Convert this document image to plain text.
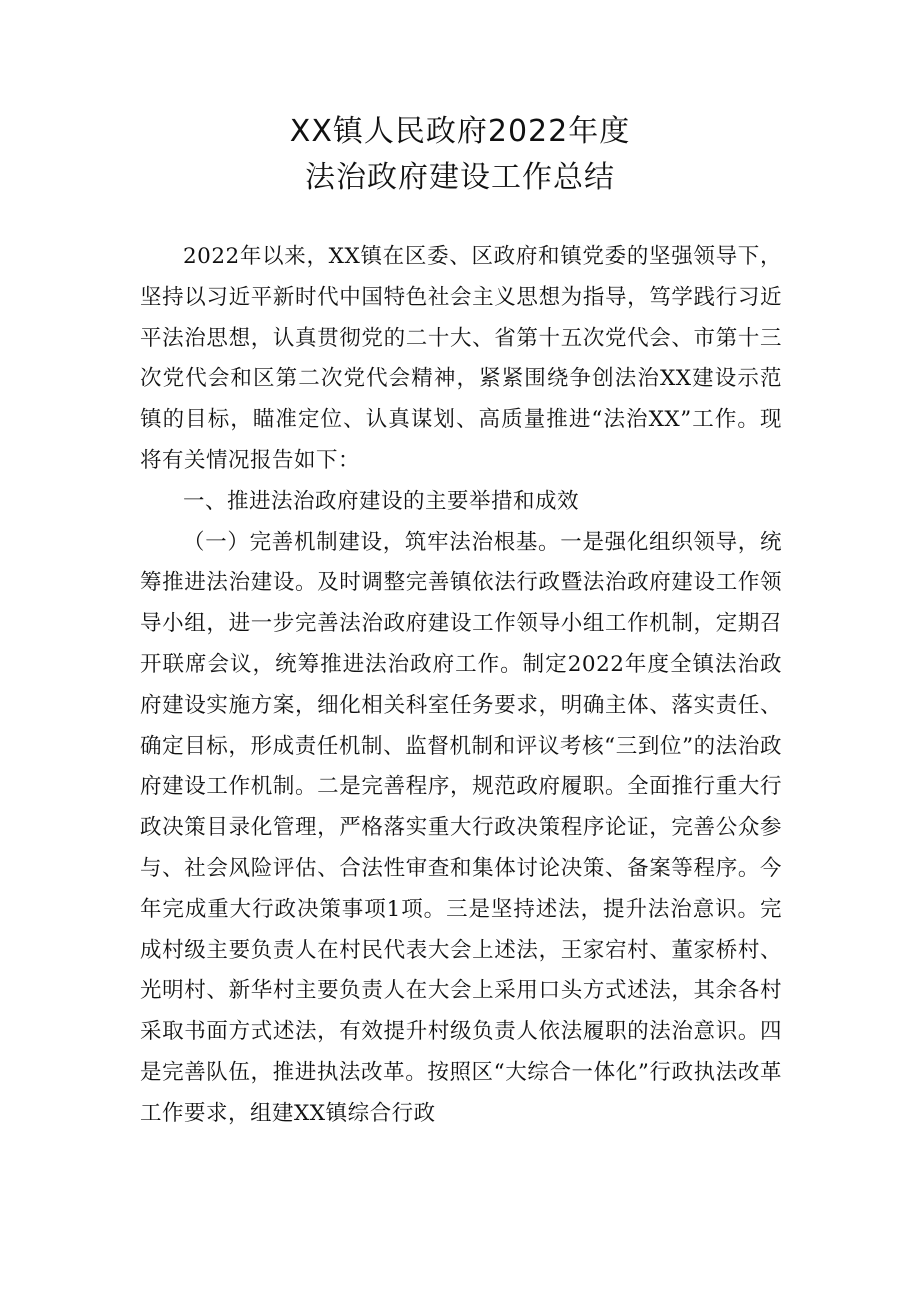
XX镇人民政府2022年度
法治政府建设工作总结

2022年以来，XX镇在区委、区政府和镇党委的坚强领导下，坚持以习近平新时代中国特色社会主义思想为指导，笃学践行习近平法治思想，认真贯彻党的二十大、省第十五次党代会、市第十三次党代会和区第二次党代会精神，紧紧围绕争创法治XX建设示范镇的目标，瞄准定位、认真谋划、高质量推进“法治XX”工作。现将有关情况报告如下：

一、推进法治政府建设的主要举措和成效

（一）完善机制建设，筑牢法治根基。一是强化组织领导，统筹推进法治建设。及时调整完善镇依法行政暨法治政府建设工作领导小组，进一步完善法治政府建设工作领导小组工作机制，定期召开联席会议，统筹推进法治政府工作。制定2022年度全镇法治政府建设实施方案，细化相关科室任务要求，明确主体、落实责任、确定目标，形成责任机制、监督机制和评议考核“三到位”的法治政府建设工作机制。二是完善程序，规范政府履职。全面推行重大行政决策目录化管理，严格落实重大行政决策程序论证，完善公众参与、社会风险评估、合法性审查和集体讨论决策、备案等程序。今年完成重大行政决策事项1项。三是坚持述法，提升法治意识。完成村级主要负责人在村民代表大会上述法，王家宕村、董家桥村、光明村、新华村主要负责人在大会上采用口头方式述法，其余各村采取书面方式述法，有效提升村级负责人依法履职的法治意识。四是完善队伍，推进执法改革。按照区“大综合一体化”行政执法改革工作要求，组建XX镇综合行政
